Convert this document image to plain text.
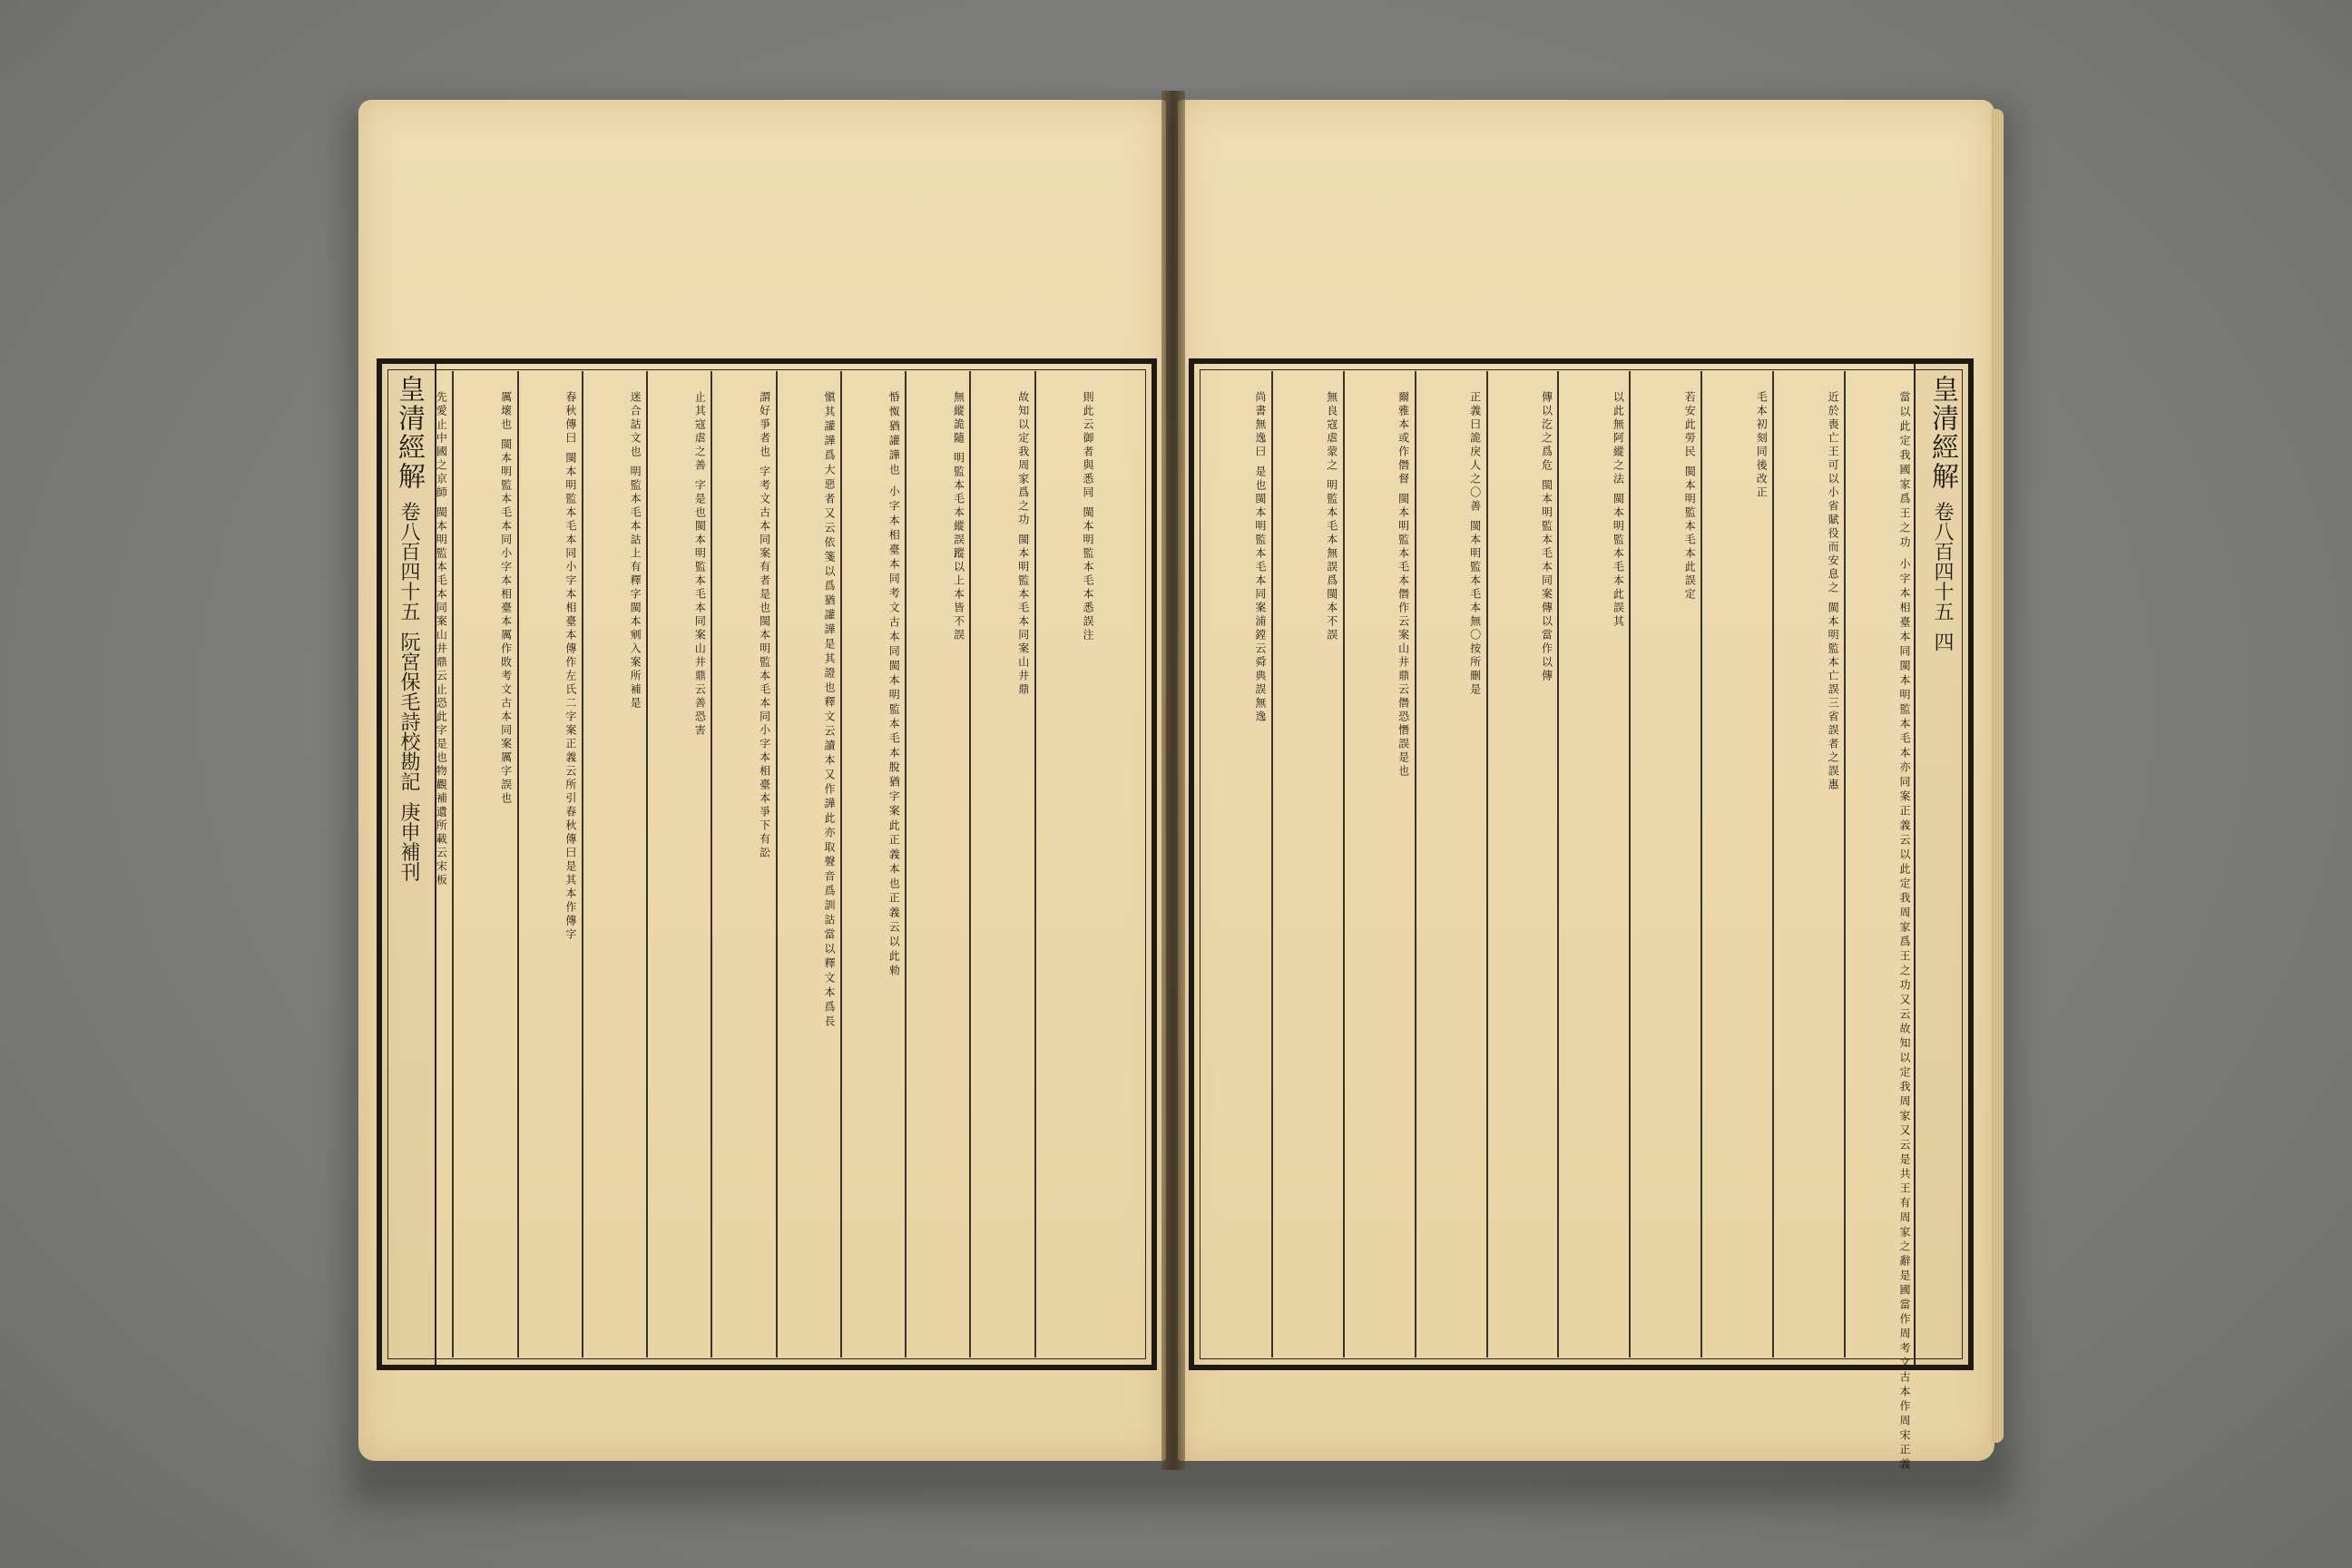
皇清經解 卷八百四十五 阮宮保毛詩校勘記 庚申補刊
則此云御者與悉同 閩本明監本毛本悉誤注
故知以定我周家爲之功 閩本明監本毛本同案山井鼎
無縱詭隨 明監本毛本縱誤蹤以上本皆不誤
惛怓猶讙譁也 小字本相臺本同考文古本同閩本明監本毛本脫猶字案此正義本也正義云以此勑
愼其讙譁爲大惡者又云依箋以爲猶讙譁是其證也釋文云讀本又作譁此亦取聲音爲訓詁當以釋文本爲長
謂好爭者也 字考文古本同案有者是也閩本明監本毛本同小字本相臺本爭下有訟
止其寇虐之善 字是也閩本明監本毛本同案山井鼎云善恐害
迷合詁文也 明監本毛本詁上有釋字閩本剜入案所補是
春秋傳曰 閩本明監本毛本同小字本相臺本傳作左氏二字案正義云所引春秋傳曰是其本作傳字
厲壞也 閩本明監本毛本同小字本相臺本厲作敗考文古本同案厲字誤也
先愛止中國之京師 閩本明監本毛本同案山井鼎云止恐此字是也物觀補遺所載云宋板	皇清經解 卷八百四十五 四
當以此定我國家爲王之功 小字本相臺本同閩本明監本毛本亦同案正義云以此定我周家爲王之功又云故知以定我周家又云是共王有周家之辭是國當作周考文古本作周宋正義
近於喪亡王可以小省賦役而安息之 閩本明監本亡誤三省誤者之誤惠
毛本初刻同後改正
若安此勞民 閩本明監本毛本此誤定
以此無阿縱之法 閩本明監本毛本此誤其
傳以汔之爲危 閩本明監本毛本同案傳以當作以傳
正義曰詭戾人之〇善 閩本明監本毛本無〇按所刪是
爾雅本或作僭督 閩本明監本毛本僭作云案山井鼎云僭恐憯誤是也
無良寇虐蒙之 明監本毛本無誤爲閩本不誤
尚書無逸曰 是也閩本明監本毛本同案浦鏜云舜典誤無逸
